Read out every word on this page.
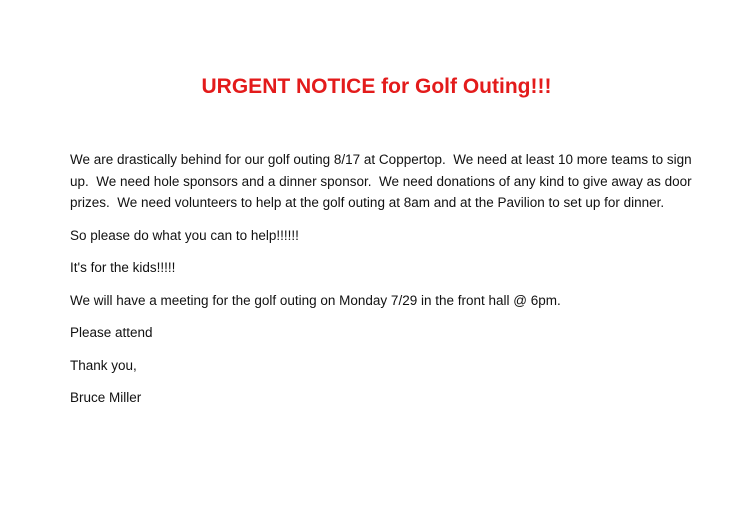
URGENT NOTICE for Golf Outing!!!

We are drastically behind for our golf outing 8/17 at Coppertop.  We need at least 10 more teams to sign up.  We need hole sponsors and a dinner sponsor.  We need donations of any kind to give away as door prizes.  We need volunteers to help at the golf outing at 8am and at the Pavilion to set up for dinner.

So please do what you can to help!!!!!!

It's for the kids!!!!!

We will have a meeting for the golf outing on Monday 7/29 in the front hall @ 6pm.

Please attend

Thank you,

Bruce Miller
